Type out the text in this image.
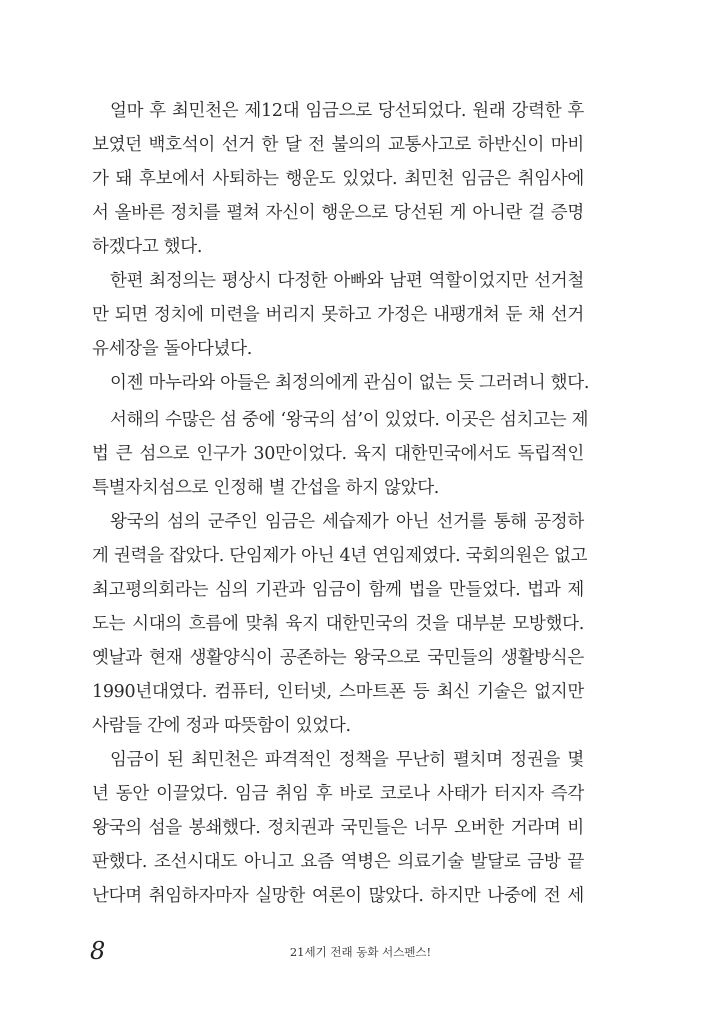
얼마 후 최민천은 제12대 임금으로 당선되었다. 원래 강력한 후
보였던 백호석이 선거 한 달 전 불의의 교통사고로 하반신이 마비
가 돼 후보에서 사퇴하는 행운도 있었다. 최민천 임금은 취임사에
서 올바른 정치를 펼쳐 자신이 행운으로 당선된 게 아니란 걸 증명
하겠다고 했다.
한편 최정의는 평상시 다정한 아빠와 남편 역할이었지만 선거철
만 되면 정치에 미련을 버리지 못하고 가정은 내팽개쳐 둔 채 선거
유세장을 돌아다녔다.
이젠 마누라와 아들은 최정의에게 관심이 없는 듯 그러려니 했다.
서해의 수많은 섬 중에 ‘왕국의 섬’이 있었다. 이곳은 섬치고는 제
법 큰 섬으로 인구가 30만이었다. 육지 대한민국에서도 독립적인
특별자치섬으로 인정해 별 간섭을 하지 않았다.
왕국의 섬의 군주인 임금은 세습제가 아닌 선거를 통해 공정하
게 권력을 잡았다. 단임제가 아닌 4년 연임제였다. 국회의원은 없고
최고평의회라는 심의 기관과 임금이 함께 법을 만들었다. 법과 제
도는 시대의 흐름에 맞춰 육지 대한민국의 것을 대부분 모방했다.
옛날과 현재 생활양식이 공존하는 왕국으로 국민들의 생활방식은
1990년대였다. 컴퓨터, 인터넷, 스마트폰 등 최신 기술은 없지만
사람들 간에 정과 따뜻함이 있었다.
임금이 된 최민천은 파격적인 정책을 무난히 펼치며 정권을 몇
년 동안 이끌었다. 임금 취임 후 바로 코로나 사태가 터지자 즉각
왕국의 섬을 봉쇄했다. 정치권과 국민들은 너무 오버한 거라며 비
판했다. 조선시대도 아니고 요즘 역병은 의료기술 발달로 금방 끝
난다며 취임하자마자 실망한 여론이 많았다. 하지만 나중에 전 세
8	21세기 전래 동화 서스펜스!
